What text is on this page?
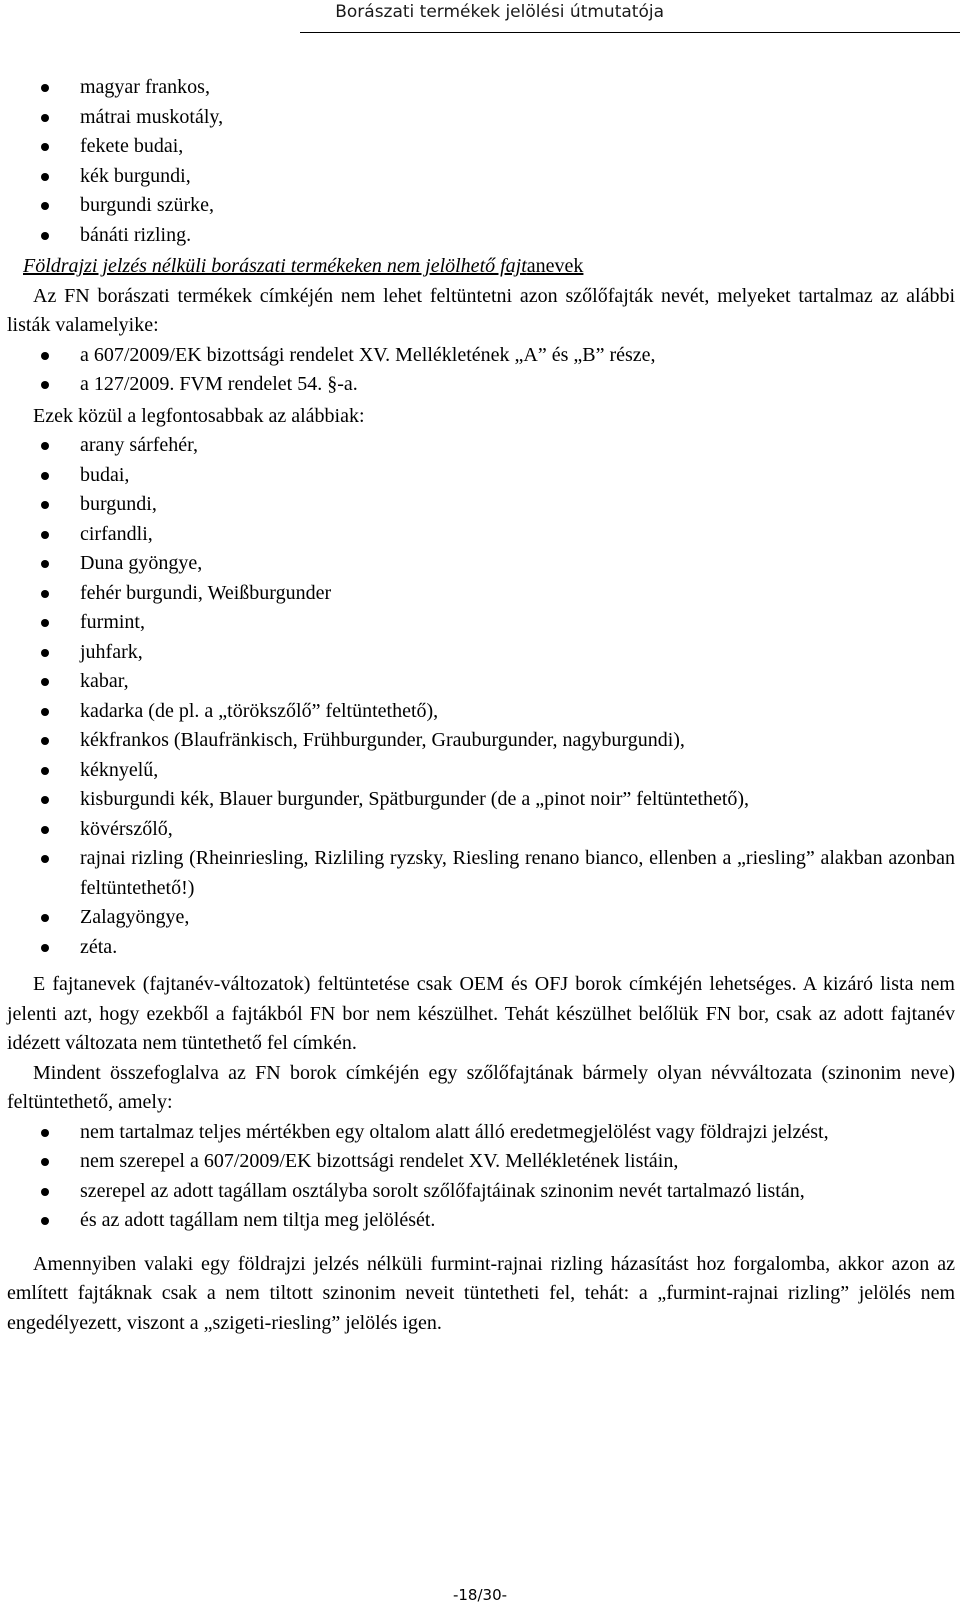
Borászati termékek jelölési útmutatója
magyar frankos,
mátrai muskotály,
fekete budai,
kék burgundi,
burgundi szürke,
bánáti rizling.

Földrajzi jelzés nélküli borászati termékeken nem jelölhető fajtanevek

Az FN borászati termékek címkéjén nem lehet feltüntetni azon szőlőfajták nevét, melyeket tartalmaz az alábbi listák valamelyike:

a 607/2009/EK bizottsági rendelet XV. Mellékletének „A” és „B” része,
a 127/2009. FVM rendelet 54. §-a.

Ezek közül a legfontosabbak az alábbiak:

arany sárfehér,
budai,
burgundi,
cirfandli,
Duna gyöngye,
fehér burgundi, Weißburgunder
furmint,
juhfark,
kabar,
kadarka (de pl. a „törökszőlő” feltüntethető),
kékfrankos (Blaufränkisch, Frühburgunder, Grauburgunder, nagyburgundi),
kéknyelű,
kisburgundi kék, Blauer burgunder, Spätburgunder (de a „pinot noir” feltüntethető),
kövérszőlő,
rajnai rizling (Rheinriesling, Rizliling ryzsky, Riesling renano bianco, ellenben a „riesling” alakban azonban feltüntethető!)
Zalagyöngye,
zéta.

E fajtanevek (fajtanév-változatok) feltüntetése csak OEM és OFJ borok címkéjén lehetséges. A kizáró lista nem jelenti azt, hogy ezekből a fajtákból FN bor nem készülhet. Tehát készülhet belőlük FN bor, csak az adott fajtanév idézett változata nem tüntethető fel címkén.

Mindent összefoglalva az FN borok címkéjén egy szőlőfajtának bármely olyan névváltozata (szinonim neve) feltüntethető, amely:

nem tartalmaz teljes mértékben egy oltalom alatt álló eredetmegjelölést vagy földrajzi jelzést,
nem szerepel a 607/2009/EK bizottsági rendelet XV. Mellékletének listáin,
szerepel az adott tagállam osztályba sorolt szőlőfajtáinak szinonim nevét tartalmazó listán,
és az adott tagállam nem tiltja meg jelölését.

Amennyiben valaki egy földrajzi jelzés nélküli furmint-rajnai rizling házasítást hoz forgalomba, akkor azon az említett fajtáknak csak a nem tiltott szinonim neveit tüntetheti fel, tehát: a „furmint-rajnai rizling” jelölés nem engedélyezett, viszont a „szigeti-riesling” jelölés igen.

-18/30-
